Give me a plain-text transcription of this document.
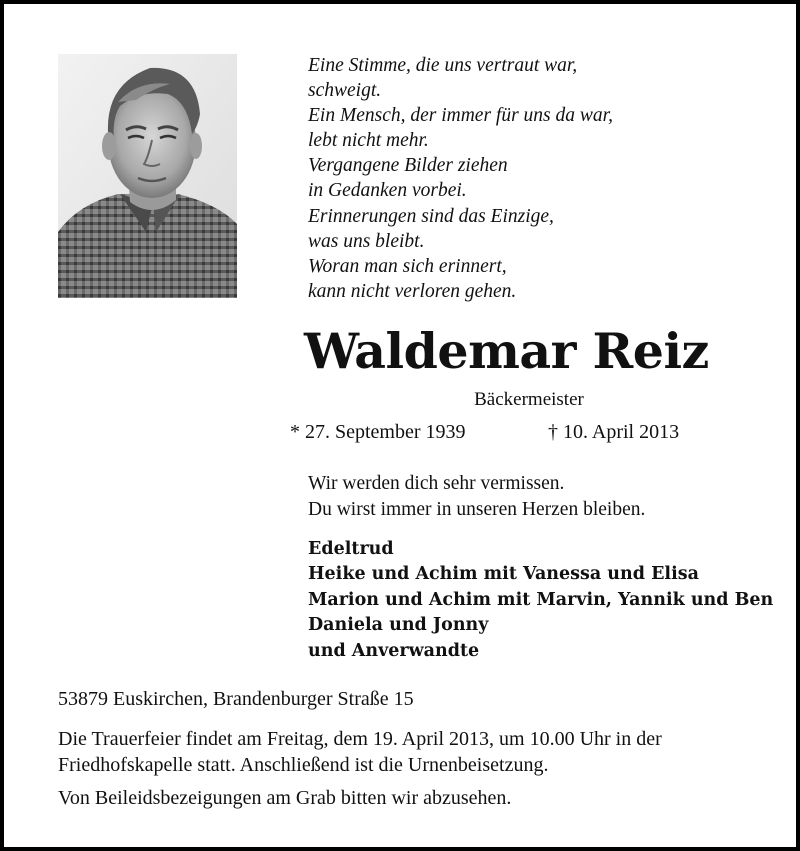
Eine Stimme, die uns vertraut war,
schweigt.
Ein Mensch, der immer für uns da war,
lebt nicht mehr.
Vergangene Bilder ziehen
in Gedanken vorbei.
Erinnerungen sind das Einzige,
was uns bleibt.
Woran man sich erinnert,
kann nicht verloren gehen.
Waldemar Reiz
Bäckermeister
* 27. September 1939	† 10. April 2013
Wir werden dich sehr vermissen.
Du wirst immer in unseren Herzen bleiben.
Edeltrud
Heike und Achim mit Vanessa und Elisa
Marion und Achim mit Marvin, Yannik und Ben
Daniela und Jonny
und Anverwandte
53879 Euskirchen, Brandenburger Straße 15
Die Trauerfeier findet am Freitag, dem 19. April 2013, um 10.00 Uhr in der
Friedhofskapelle statt. Anschließend ist die Urnenbeisetzung.
Von Beileidsbezeigungen am Grab bitten wir abzusehen.
